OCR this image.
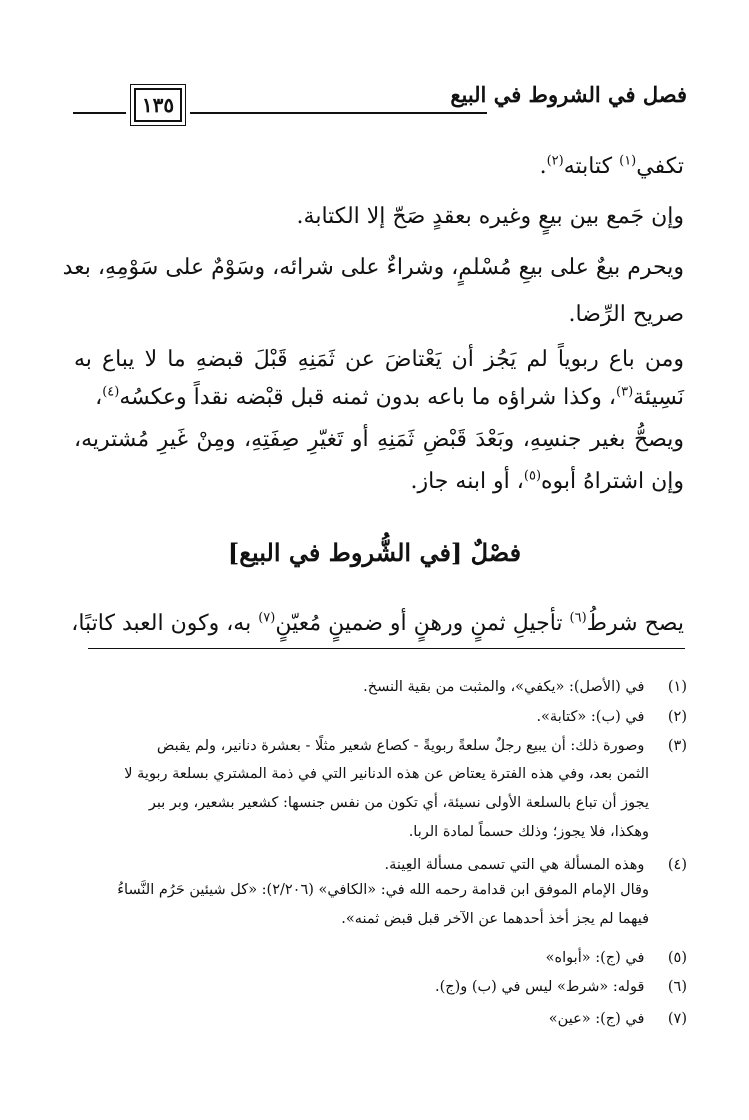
فصل في الشروط في البيع
١٣٥
تكفي$^{(١)}$ كتابته$^{(٢)}$.
وإن جَمع بين بيعٍ وغيره بعقدٍ صَحّ إلا الكتابة.
ويحرم بيعٌ على بيعِ مُسْلمٍ، وشراءٌ على شرائه، وسَوْمٌ على سَوْمِهِ، بعد
صريح الرِّضا.
ومن باع ربوياً لم يَجُز أن يَعْتاضَ عن ثَمَنِهِ قَبْلَ قبضهِ ما لا يباع به
نَسِيئة$^{(٣)}$، وكذا شراؤه ما باعه بدون ثمنه قبل قبْضه نقداً وعكسُه$^{(٤)}$،
ويصحُّ بغير جنسِهِ، وبَعْدَ قَبْضِ ثَمَنِهِ أو تَغيّرِ صِفَتِهِ، ومِنْ غَيرِ مُشتريه،
وإن اشتراهُ أبوه$^{(٥)}$، أو ابنه جاز.
فصْلٌ [في الشُّروط في البيع]
يصح شرطُ$^{(٦)}$ تأجيلِ ثمنٍ ورهنٍ أو ضمينٍ مُعيّنٍ$^{(٧)}$ به، وكون العبد كاتبًا،
(١) في (الأصل): «يكفي»، والمثبت من بقية النسخ.
(٢) في (ب): «كتابة».
(٣) وصورة ذلك: أن يبيع رجلٌ سلعةً ربويةً - كصاع شعير مثلًا - بعشرة دنانير، ولم يقبض
الثمن بعد، وفي هذه الفترة يعتاض عن هذه الدنانير التي في ذمة المشتري بسلعة ربوية لا
يجوز أن تباع بالسلعة الأولى نسيئة، أي تكون من نفس جنسها: كشعير بشعير، وبر ببر
وهكذا، فلا يجوز؛ وذلك حسماً لمادة الربا.
(٤) وهذه المسألة هي التي تسمى مسألة العِينة.
وقال الإمام الموفق ابن قدامة رحمه الله في: «الكافي» (٢/٢٠٦): «كل شيئين حَرُم النَّساءُ
فيهما لم يجز أخذ أحدهما عن الآخر قبل قبض ثمنه».
(٥) في (ج): «أبواه»
(٦) قوله: «شرط» ليس في (ب) و(ج).
(٧) في (ج): «عين»
